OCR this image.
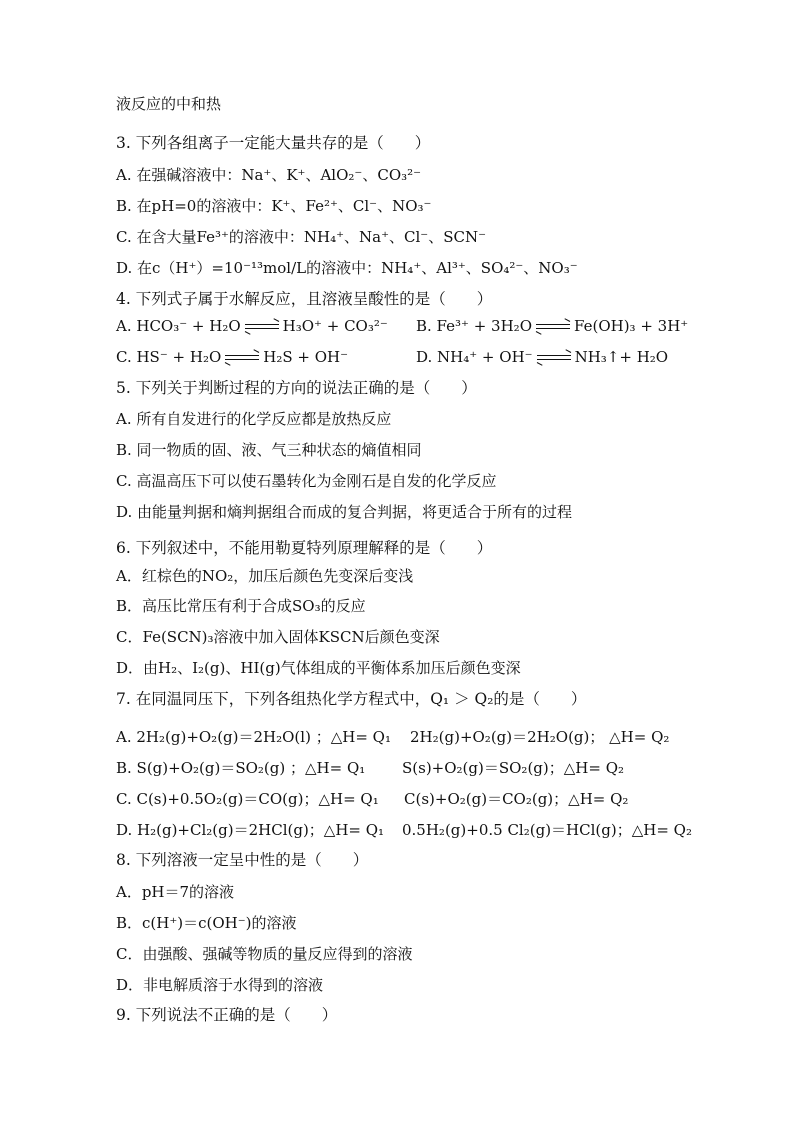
液反应的中和热
3. 下列各组离子一定能大量共存的是（　　）
A. 在强碱溶液中：Na⁺、K⁺、AlO₂⁻、CO₃²⁻
B. 在pH=0的溶液中：K⁺、Fe²⁺、Cl⁻、NO₃⁻
C. 在含大量Fe³⁺的溶液中：NH₄⁺、Na⁺、Cl⁻、SCN⁻
D. 在c（H⁺）=10⁻¹³mol/L的溶液中：NH₄⁺、Al³⁺、SO₄²⁻、NO₃⁻
4. 下列式子属于水解反应，且溶液呈酸性的是（　　）
A. HCO₃⁻ + H₂O	H₃O⁺ + CO₃²⁻ B. Fe³⁺ + 3H₂O	Fe(OH)₃ + 3H⁺
C. HS⁻ + H₂O	H₂S + OH⁻	D. NH₄⁺ + OH⁻	NH₃↑+ H₂O
5. 下列关于判断过程的方向的说法正确的是（　　）
A. 所有自发进行的化学反应都是放热反应
B. 同一物质的固、液、气三种状态的熵值相同
C. 高温高压下可以使石墨转化为金刚石是自发的化学反应
D. 由能量判据和熵判据组合而成的复合判据，将更适合于所有的过程
6. 下列叙述中，不能用勒夏特列原理解释的是（　　）
A．红棕色的NO₂，加压后颜色先变深后变浅
B．高压比常压有利于合成SO₃的反应
C．Fe(SCN)₃溶液中加入固体KSCN后颜色变深
D．由H₂、I₂(g)、HI(g)气体组成的平衡体系加压后颜色变深
7. 在同温同压下，下列各组热化学方程式中，Q₁ ＞ Q₂的是（　　）
A. 2H₂(g)+O₂(g)＝2H₂O(l) ；△H= Q₁ 2H₂(g)+O₂(g)＝2H₂O(g)； △H= Q₂
B. S(g)+O₂(g)＝SO₂(g) ；△H= Q₁ S(s)+O₂(g)＝SO₂(g)；△H= Q₂
C. C(s)+0.5O₂(g)＝CO(g)；△H= Q₁ C(s)+O₂(g)＝CO₂(g)；△H= Q₂
D. H₂(g)+Cl₂(g)＝2HCl(g)；△H= Q₁ 0.5H₂(g)+0.5 Cl₂(g)＝HCl(g)；△H= Q₂
8. 下列溶液一定呈中性的是（　　）
A．pH＝7的溶液
B．c(H⁺)＝c(OH⁻)的溶液
C．由强酸、强碱等物质的量反应得到的溶液
D．非电解质溶于水得到的溶液
9. 下列说法不正确的是（　　）
